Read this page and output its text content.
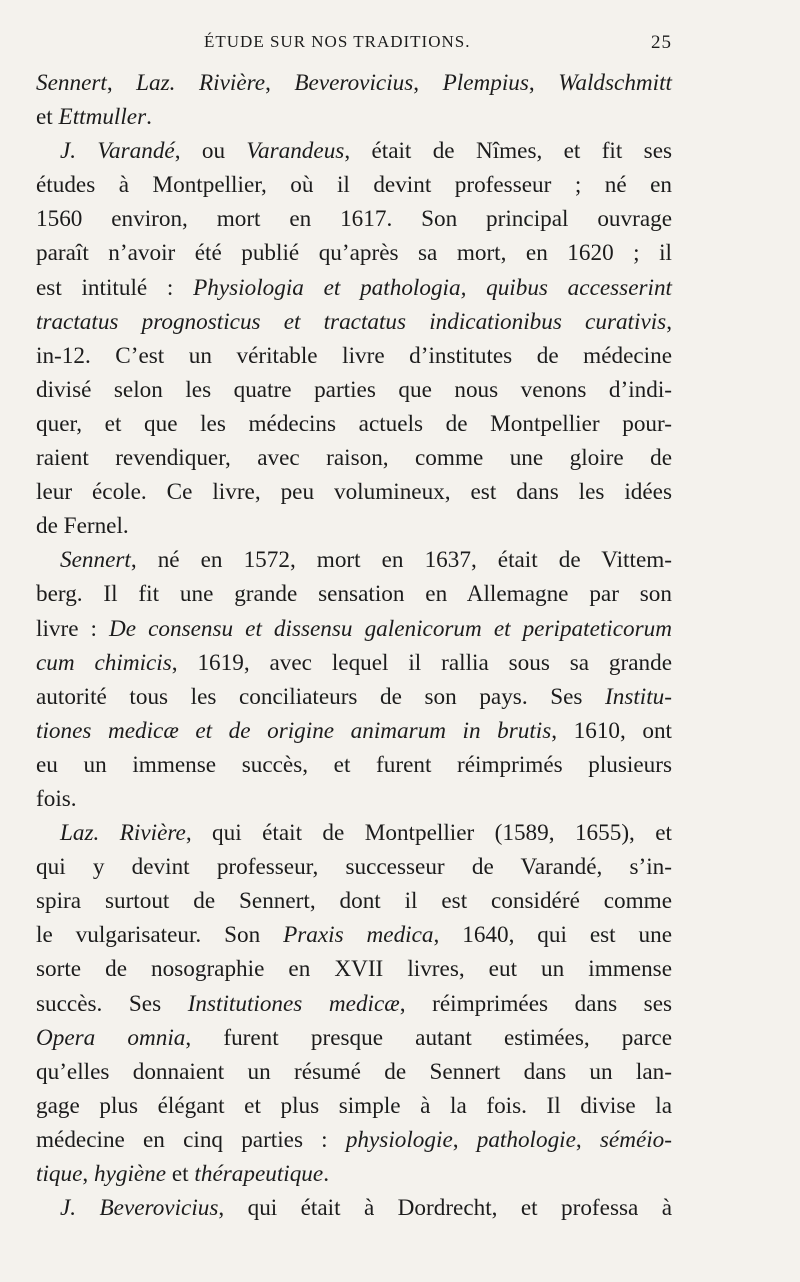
ÉTUDE SUR NOS TRADITIONS.	25
Sennert, Laz. Rivière, Beverovicius, Plempius, Waldschmitt
et Ettmuller.
J. Varandé, ou Varandeus, était de Nîmes, et fit ses
études à Montpellier, où il devint professeur ; né en
1560 environ, mort en 1617. Son principal ouvrage
paraît n’avoir été publié qu’après sa mort, en 1620 ; il
est intitulé : Physiologia et pathologia, quibus accesserint
tractatus prognosticus et tractatus indicationibus curativis,
in-12. C’est un véritable livre d’institutes de médecine
divisé selon les quatre parties que nous venons d’indi-
quer, et que les médecins actuels de Montpellier pour-
raient revendiquer, avec raison, comme une gloire de
leur école. Ce livre, peu volumineux, est dans les idées
de Fernel.
Sennert, né en 1572, mort en 1637, était de Vittem-
berg. Il fit une grande sensation en Allemagne par son
livre : De consensu et dissensu galenicorum et peripateticorum
cum chimicis, 1619, avec lequel il rallia sous sa grande
autorité tous les conciliateurs de son pays. Ses Institu-
tiones medicæ et de origine animarum in brutis, 1610, ont
eu un immense succès, et furent réimprimés plusieurs
fois.
Laz. Rivière, qui était de Montpellier (1589, 1655), et
qui y devint professeur, successeur de Varandé, s’in-
spira surtout de Sennert, dont il est considéré comme
le vulgarisateur. Son Praxis medica, 1640, qui est une
sorte de nosographie en XVII livres, eut un immense
succès. Ses Institutiones medicæ, réimprimées dans ses
Opera omnia, furent presque autant estimées, parce
qu’elles donnaient un résumé de Sennert dans un lan-
gage plus élégant et plus simple à la fois. Il divise la
médecine en cinq parties : physiologie, pathologie, séméio-
tique, hygiène et thérapeutique.
J. Beverovicius, qui était à Dordrecht, et professa à
